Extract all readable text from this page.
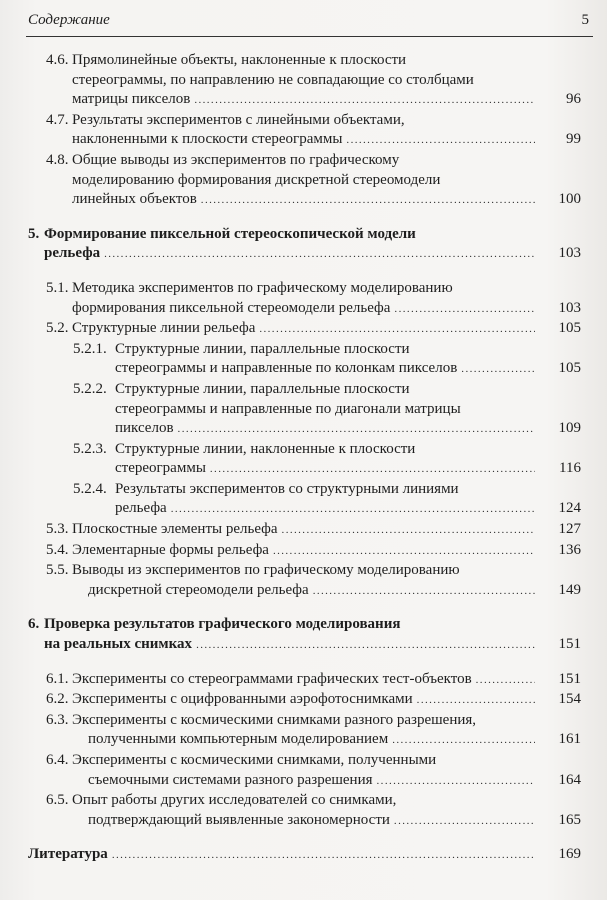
Содержание	5
4.6. Прямолинейные объекты, наклоненные к плоскости
стереограммы, по направлению не совпадающие со столбцами
матрицы пикселов .....	96
4.7. Результаты экспериментов с линейными объектами,
наклоненными к плоскости стереограммы .....	99
4.8. Общие выводы из экспериментов по графическому
моделированию формирования дискретной стереомодели
линейных объектов .....	100
5. Формирование пиксельной стереоскопической модели
рельефа .....	103
5.1. Методика экспериментов по графическому моделированию
формирования пиксельной стереомодели рельефа .....	103
5.2. Структурные линии рельефа .....	105
5.2.1. Структурные линии, параллельные плоскости
стереограммы и направленные по колонкам пикселов .....	105
5.2.2. Структурные линии, параллельные плоскости
стереограммы и направленные по диагонали матрицы
пикселов .....	109
5.2.3. Структурные линии, наклоненные к плоскости
стереограммы .....	116
5.2.4. Результаты экспериментов со структурными линиями
рельефа .....	124
5.3. Плоскостные элементы рельефа .....	127
5.4. Элементарные формы рельефа .....	136
5.5. Выводы из экспериментов по графическому моделированию
дискретной стереомодели рельефа .....	149
6. Проверка результатов графического моделирования
на реальных снимках .....	151
6.1. Эксперименты со стереограммами графических тест-объектов .....	151
6.2. Эксперименты с оцифрованными аэрофотоснимками .....	154
6.3. Эксперименты с космическими снимками разного разрешения,
полученными компьютерным моделированием .....	161
6.4. Эксперименты с космическими снимками, полученными
съемочными системами разного разрешения .....	164
6.5. Опыт работы других исследователей со снимками,
подтверждающий выявленные закономерности .....	165
Литература .....	169
